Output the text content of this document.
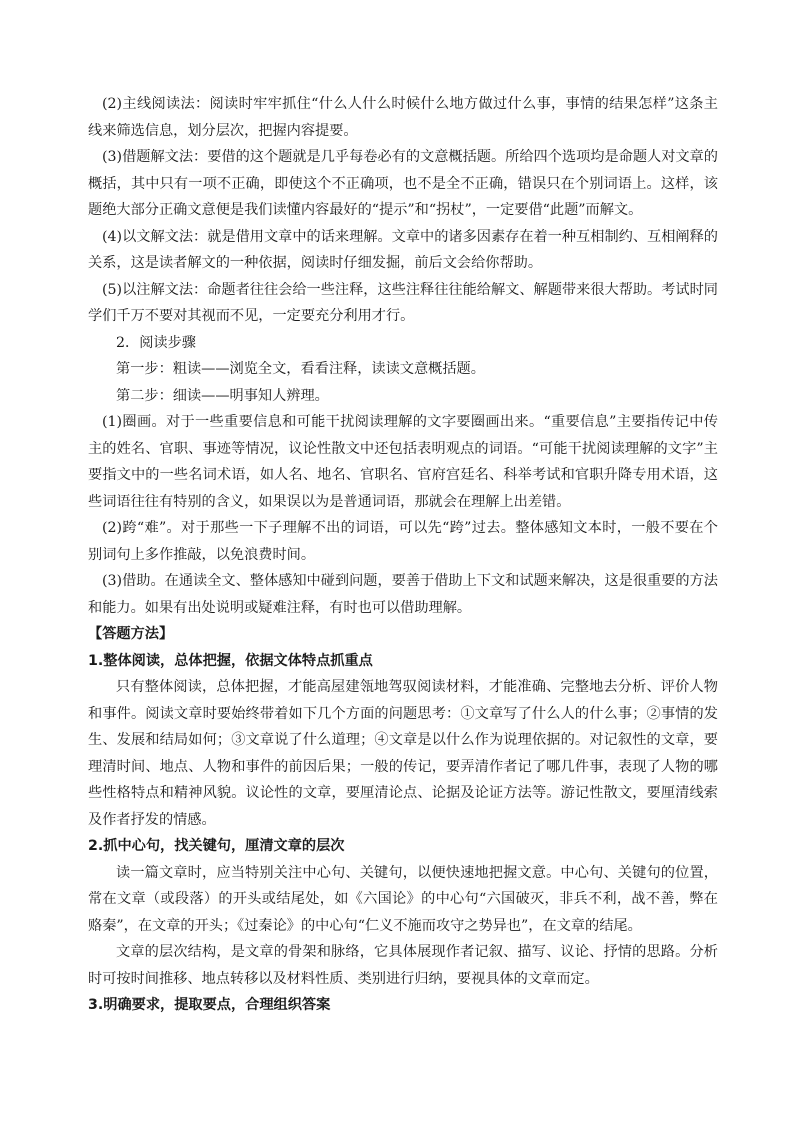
(2)主线阅读法：阅读时牢牢抓住“什么人什么时候什么地方做过什么事，事情的结果怎样”这条主线来筛选信息，划分层次，把握内容提要。

(3)借题解文法：要借的这个题就是几乎每卷必有的文意概括题。所给四个选项均是命题人对文章的概括，其中只有一项不正确，即使这个不正确项，也不是全不正确，错误只在个别词语上。这样，该题绝大部分正确文意便是我们读懂内容最好的“提示”和“拐杖”，一定要借“此题”而解文。

(4)以文解文法：就是借用文章中的话来理解。文章中的诸多因素存在着一种互相制约、互相阐释的关系，这是读者解文的一种依据，阅读时仔细发掘，前后文会给你帮助。

(5)以注解文法：命题者往往会给一些注释，这些注释往往能给解文、解题带来很大帮助。考试时同学们千万不要对其视而不见，一定要充分利用才行。

2．阅读步骤

第一步：粗读——浏览全文，看看注释，读读文意概括题。

第二步：细读——明事知人辨理。

(1)圈画。对于一些重要信息和可能干扰阅读理解的文字要圈画出来。“重要信息”主要指传记中传主的姓名、官职、事迹等情况，议论性散文中还包括表明观点的词语。“可能干扰阅读理解的文字”主要指文中的一些名词术语，如人名、地名、官职名、官府宫廷名、科举考试和官职升降专用术语，这些词语往往有特别的含义，如果误以为是普通词语，那就会在理解上出差错。

(2)跨“难”。对于那些一下子理解不出的词语，可以先“跨”过去。整体感知文本时，一般不要在个别词句上多作推敲，以免浪费时间。

(3)借助。在通读全文、整体感知中碰到问题，要善于借助上下文和试题来解决，这是很重要的方法和能力。如果有出处说明或疑难注释，有时也可以借助理解。

【答题方法】

1.整体阅读，总体把握，依据文体特点抓重点

只有整体阅读，总体把握，才能高屋建瓴地驾驭阅读材料，才能准确、完整地去分析、评价人物和事件。阅读文章时要始终带着如下几个方面的问题思考：①文章写了什么人的什么事；②事情的发生、发展和结局如何；③文章说了什么道理；④文章是以什么作为说理依据的。对记叙性的文章，要理清时间、地点、人物和事件的前因后果；一般的传记，要弄清作者记了哪几件事，表现了人物的哪些性格特点和精神风貌。议论性的文章，要厘清论点、论据及论证方法等。游记性散文，要厘清线索及作者抒发的情感。

2.抓中心句，找关键句，厘清文章的层次

读一篇文章时，应当特别关注中心句、关键句，以便快速地把握文意。中心句、关键句的位置，常在文章（或段落）的开头或结尾处，如《六国论》的中心句“六国破灭，非兵不利，战不善，弊在赂秦”，在文章的开头；《过秦论》的中心句“仁义不施而攻守之势异也”，在文章的结尾。

文章的层次结构，是文章的骨架和脉络，它具体展现作者记叙、描写、议论、抒情的思路。分析时可按时间推移、地点转移以及材料性质、类别进行归纳，要视具体的文章而定。

3.明确要求，提取要点，合理组织答案
